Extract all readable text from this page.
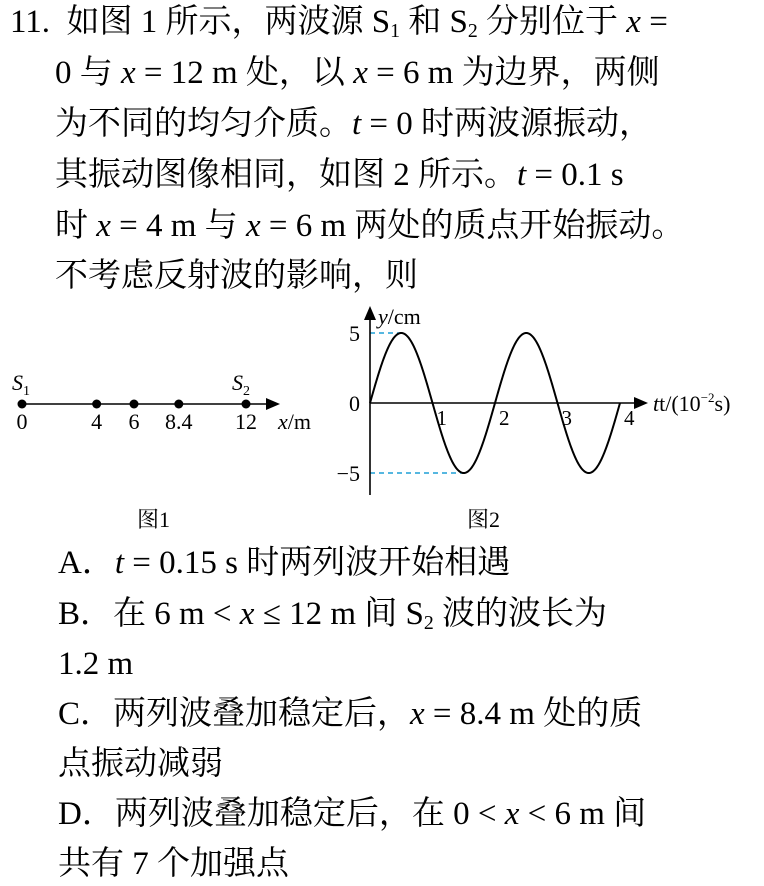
11. 如图 1 所示，两波源 $S_1$ 和 $S_2$ 分别位于 x =
0 与 x = 12 m 处，以 x = 6 m 为边界，两侧
为不同的均匀介质。t = 0 时两波源振动，
其振动图像相同，如图 2 所示。t = 0.1 s
时 x = 4 m 与 x = 6 m 两处的质点开始振动。
不考虑反射波的影响，则
$S_1$	$S_2$
0	4 6 8.4 12 x/m
y/cm
$tt/(10^{-2}s)$
5
0
−5
1 2 3 4
图1	图2
A．t = 0.15 s 时两列波开始相遇
B．在 6 m < x ≤ 12 m 间 $S_2$ 波的波长为
1.2 m
C．两列波叠加稳定后，x = 8.4 m 处的质
点振动减弱
D．两列波叠加稳定后，在 0 < x < 6 m 间
共有 7 个加强点
